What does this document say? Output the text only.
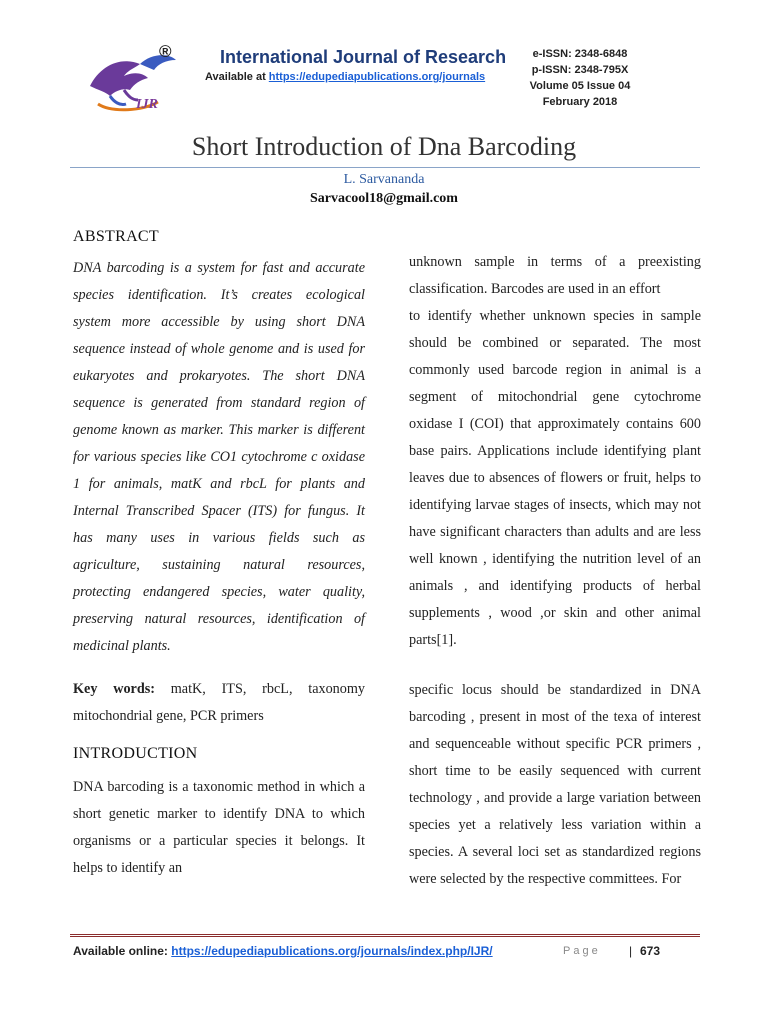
IJR
®	International Journal of Research
Available at https://edupediapublications.org/journals
e-ISSN: 2348-6848
p-ISSN: 2348-795X
Volume 05 Issue 04
February 2018
Short Introduction of Dna Barcoding
L. Sarvananda
Sarvacool18@gmail.com
ABSTRACT

DNA barcoding is a system for fast and accurate species identification. It’s creates ecological system more accessible by using short DNA sequence instead of whole genome and is used for eukaryotes and prokaryotes. The short DNA sequence is generated from standard region of genome known as marker. This marker is different for various species like CO1 cytochrome c oxidase 1 for animals, matK and rbcL for plants and Internal Transcribed Spacer (ITS) for fungus. It has many uses in various fields such as agriculture, sustaining natural resources, protecting endangered species, water quality, preserving natural resources, identification of medicinal plants.

Key words: matK, ITS, rbcL, taxonomy mitochondrial gene, PCR primers

INTRODUCTION

DNA barcoding is a taxonomic method in which a short genetic marker to identify DNA to which organisms or a particular species it belongs. It helps to identify an

unknown sample in terms of a preexisting classification. Barcodes are used in an effort

to identify whether unknown species in sample should be combined or separated. The most commonly used barcode region in animal is a segment of mitochondrial gene cytochrome oxidase I (COI) that approximately contains 600 base pairs. Applications include identifying plant leaves due to absences of flowers or fruit, helps to identifying larvae stages of insects, which may not have significant characters than adults and are less well known , identifying the nutrition level of an animals , and identifying products of herbal supplements , wood ,or skin and other animal parts[1].

specific locus should be standardized in DNA barcoding , present in most of the texa of interest and sequenceable without specific PCR primers , short time to be easily sequenced with current technology , and provide a large variation between species yet a relatively less variation within a species. A several loci set as standardized regions were selected by the respective committees. For

Available online: https://edupediapublications.org/journals/index.php/IJR/	Page | 673
